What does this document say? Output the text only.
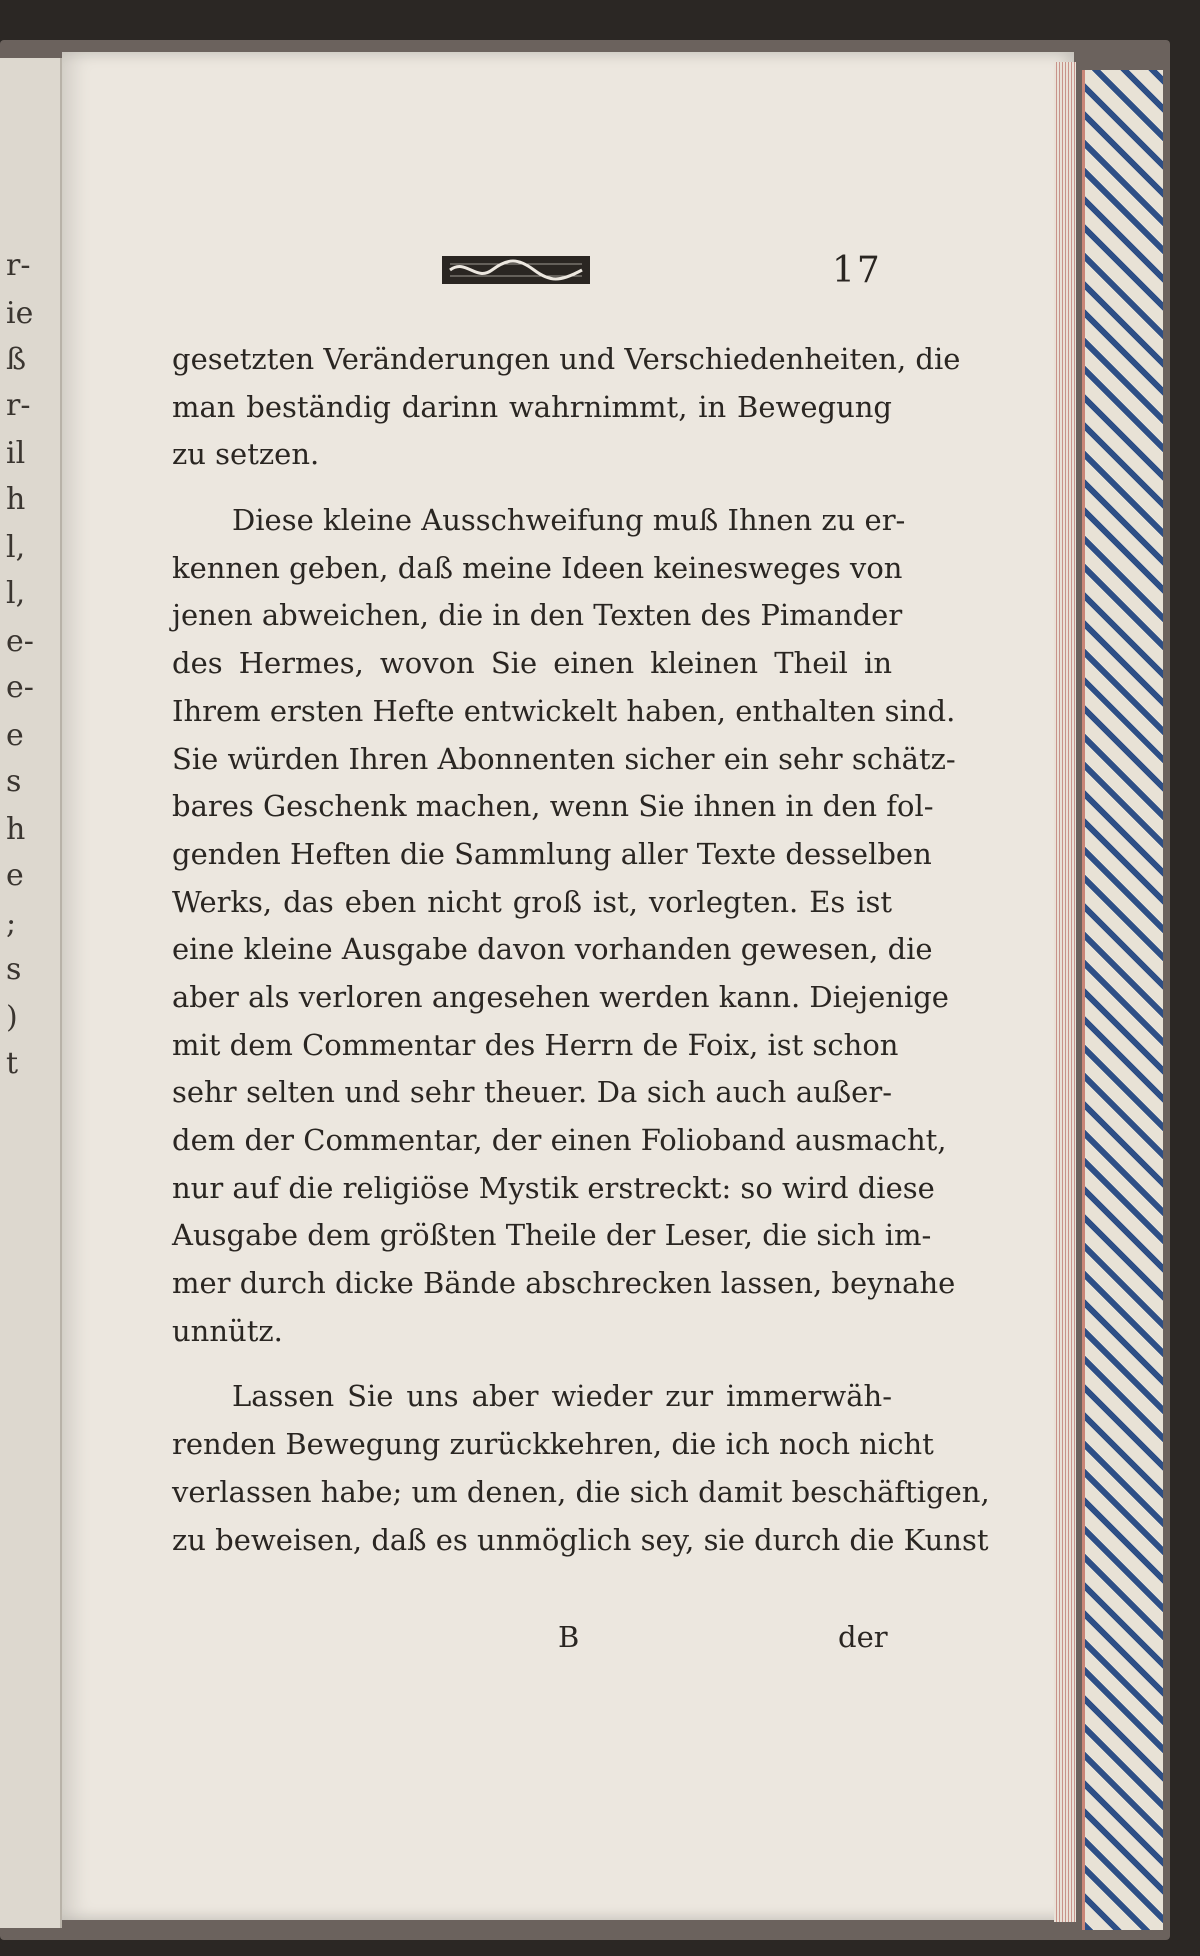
r-
ie
ß
r-
il
h
l,
l,
e-
e-
e
s
h
e
;
s
)
t
17
gesetzten Veränderungen und Verschiedenheiten, die
man beständig darinn wahrnimmt, in Bewegung
zu setzen.
Diese kleine Ausschweifung muß Ihnen zu er-
kennen geben, daß meine Ideen keinesweges von
jenen abweichen, die in den Texten des Pimander
des Hermes, wovon Sie einen kleinen Theil in
Ihrem ersten Hefte entwickelt haben, enthalten sind.
Sie würden Ihren Abonnenten sicher ein sehr schätz-
bares Geschenk machen, wenn Sie ihnen in den fol-
genden Heften die Sammlung aller Texte desselben
Werks, das eben nicht groß ist, vorlegten. Es ist
eine kleine Ausgabe davon vorhanden gewesen, die
aber als verloren angesehen werden kann. Diejenige
mit dem Commentar des Herrn de Foix, ist schon
sehr selten und sehr theuer. Da sich auch außer-
dem der Commentar, der einen Folioband ausmacht,
nur auf die religiöse Mystik erstreckt: so wird diese
Ausgabe dem größten Theile der Leser, die sich im-
mer durch dicke Bände abschrecken lassen, beynahe
unnütz.
Lassen Sie uns aber wieder zur immerwäh-
renden Bewegung zurückkehren, die ich noch nicht
verlassen habe; um denen, die sich damit beschäftigen,
zu beweisen, daß es unmöglich sey, sie durch die Kunst
B	der
